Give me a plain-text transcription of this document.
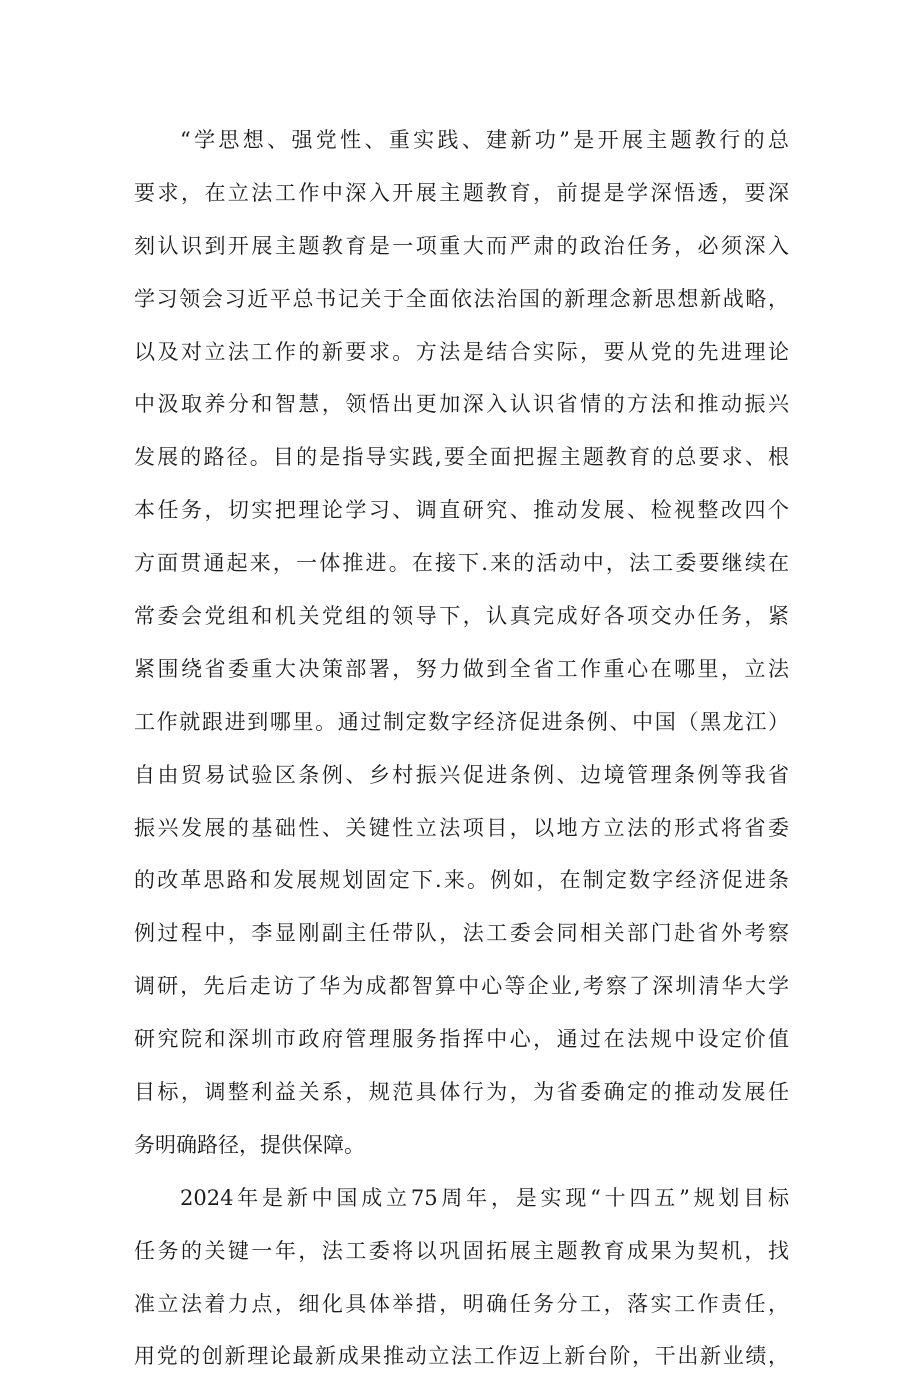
“学思想、强党性、重实践、建新功”是开展主题教行的总
要求，在立法工作中深入开展主题教育，前提是学深悟透，要深
刻认识到开展主题教育是一项重大而严肃的政治任务，必须深入
学习领会习近平总书记关于全面依法治国的新理念新思想新战略，
以及对立法工作的新要求。方法是结合实际，要从党的先进理论
中汲取养分和智慧，领悟出更加深入认识省情的方法和推动振兴
发展的路径。目的是指导实践,要全面把握主题教育的总要求、根
本任务，切实把理论学习、调直研究、推动发展、检视整改四个
方面贯通起来，一体推进。在接下.来的活动中，法工委要继续在
常委会党组和机关党组的领导下，认真完成好各项交办任务，紧
紧围绕省委重大决策部署，努力做到全省工作重心在哪里，立法
工作就跟进到哪里。通过制定数字经济促进条例、中国（黑龙江）
自由贸易试验区条例、乡村振兴促进条例、边境管理条例等我省
振兴发展的基础性、关键性立法项目，以地方立法的形式将省委
的改革思路和发展规划固定下.来。例如，在制定数字经济促进条
例过程中，李显刚副主任带队，法工委会同相关部门赴省外考察
调研，先后走访了华为成都智算中心等企业,考察了深圳清华大学
研究院和深圳市政府管理服务指挥中心，通过在法规中设定价值
目标，调整利益关系，规范具体行为，为省委确定的推动发展任
务明确路径，提供保障。
2024年是新中国成立75周年，是实现“十四五”规划目标
任务的关键一年，法工委将以巩固拓展主题教育成果为契机，找
准立法着力点，细化具体举措，明确任务分工，落实工作责任，
用党的创新理论最新成果推动立法工作迈上新台阶，干出新业绩，
